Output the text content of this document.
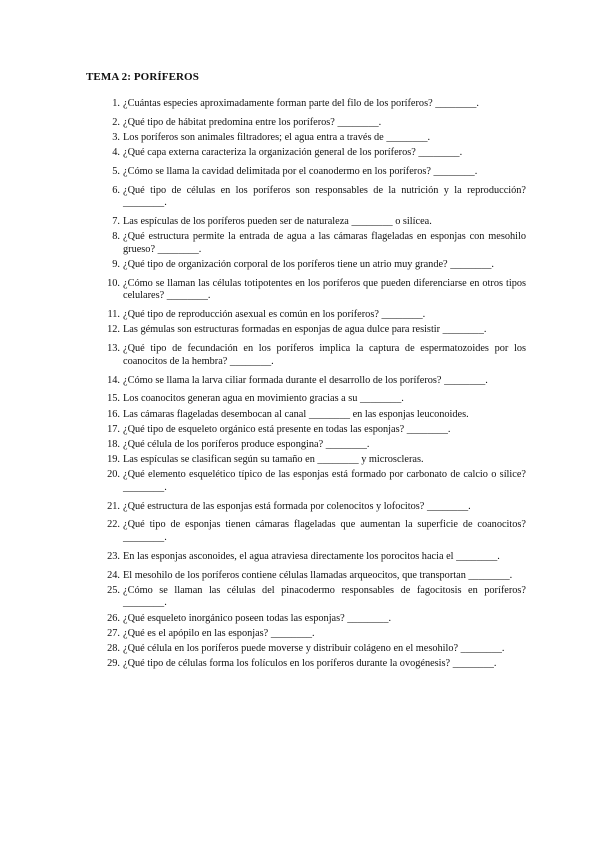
TEMA 2: PORÍFEROS
1. ¿Cuántas especies aproximadamente forman parte del filo de los poríferos? ________.
2. ¿Qué tipo de hábitat predomina entre los poríferos? ________.
3. Los poríferos son animales filtradores; el agua entra a través de ________.
4. ¿Qué capa externa caracteriza la organización general de los poríferos? ________.
5. ¿Cómo se llama la cavidad delimitada por el coanodermo en los poríferos? ________.
6. ¿Qué tipo de células en los poríferos son responsables de la nutrición y la reproducción? ________.
7. Las espículas de los poríferos pueden ser de naturaleza ________ o silícea.
8. ¿Qué estructura permite la entrada de agua a las cámaras flageladas en esponjas con mesohilo grueso? ________.
9. ¿Qué tipo de organización corporal de los poríferos tiene un atrio muy grande? ________.
10. ¿Cómo se llaman las células totipotentes en los poríferos que pueden diferenciarse en otros tipos celulares? ________.
11. ¿Qué tipo de reproducción asexual es común en los poríferos? ________.
12. Las gémulas son estructuras formadas en esponjas de agua dulce para resistir ________.
13. ¿Qué tipo de fecundación en los poríferos implica la captura de espermatozoides por los coanocitos de la hembra? ________.
14. ¿Cómo se llama la larva ciliar formada durante el desarrollo de los poríferos? ________.
15. Los coanocitos generan agua en movimiento gracias a su ________.
16. Las cámaras flageladas desembocan al canal ________ en las esponjas leuconoides.
17. ¿Qué tipo de esqueleto orgánico está presente en todas las esponjas? ________.
18. ¿Qué célula de los poríferos produce espongina? ________.
19. Las espículas se clasifican según su tamaño en ________ y microscleras.
20. ¿Qué elemento esquelético típico de las esponjas está formado por carbonato de calcio o sílice? ________.
21. ¿Qué estructura de las esponjas está formada por colenocitos y lofocitos? ________.
22. ¿Qué tipo de esponjas tienen cámaras flageladas que aumentan la superficie de coanocitos? ________.
23. En las esponjas asconoides, el agua atraviesa directamente los porocitos hacia el ________.
24. El mesohilo de los poríferos contiene células llamadas arqueocitos, que transportan ________.
25. ¿Cómo se llaman las células del pinacodermo responsables de fagocitosis en poríferos? ________.
26. ¿Qué esqueleto inorgánico poseen todas las esponjas? ________.
27. ¿Qué es el apópilo en las esponjas? ________.
28. ¿Qué célula en los poríferos puede moverse y distribuir colágeno en el mesohilo? ________.
29. ¿Qué tipo de células forma los folículos en los poríferos durante la ovogénesis? ________.
